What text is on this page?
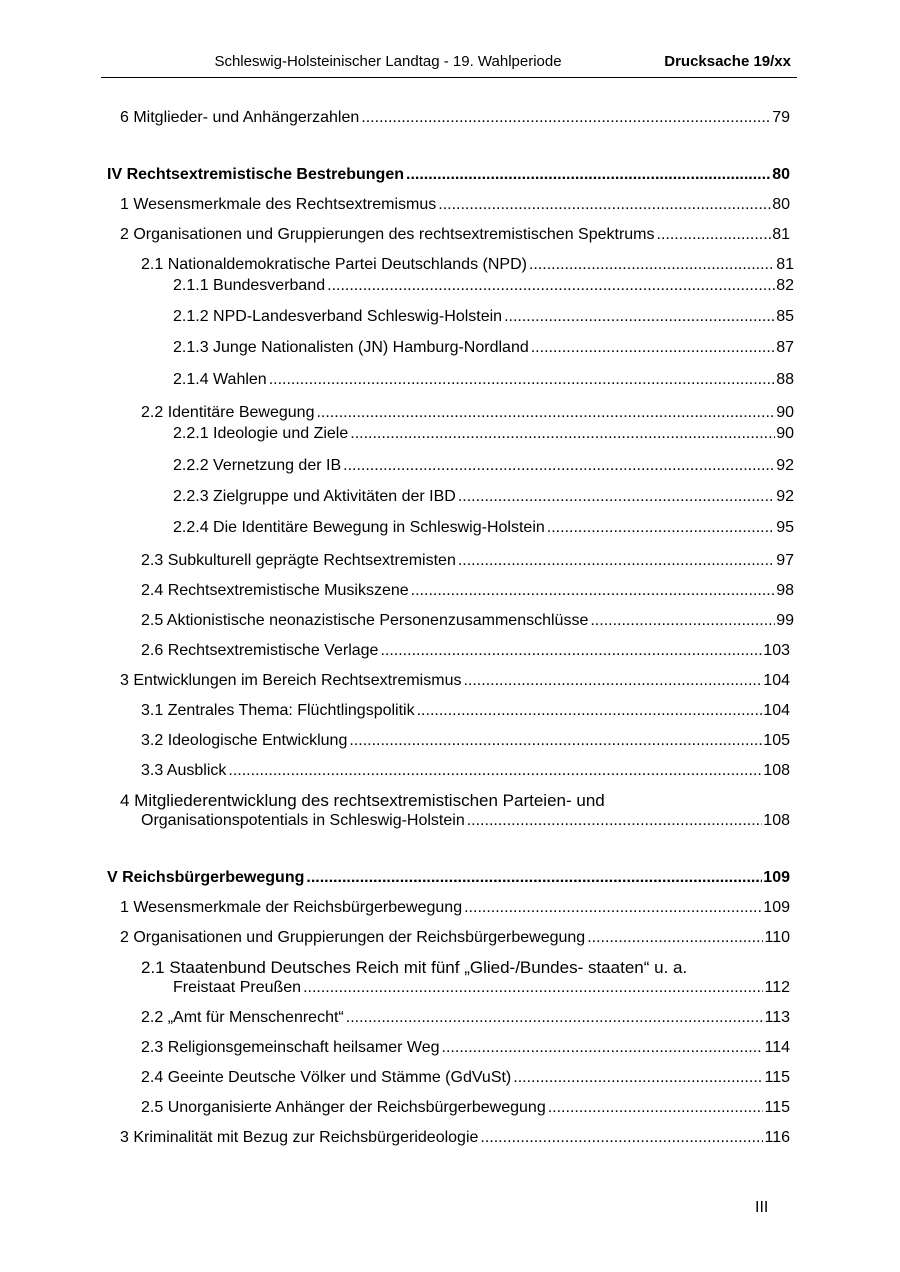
Schleswig-Holsteinischer Landtag - 19. Wahlperiode	Drucksache 19/xx
6 Mitglieder- und Anhängerzahlen .....	79
IV Rechtsextremistische Bestrebungen .....	80
1 Wesensmerkmale des Rechtsextremismus .....	80
2 Organisationen und Gruppierungen des rechtsextremistischen Spektrums .....	81
2.1 Nationaldemokratische Partei Deutschlands (NPD) .....	81
2.1.1 Bundesverband .....	82
2.1.2 NPD-Landesverband Schleswig-Holstein .....	85
2.1.3 Junge Nationalisten (JN) Hamburg-Nordland .....	87
2.1.4 Wahlen .....	88
2.2 Identitäre Bewegung .....	90
2.2.1 Ideologie und Ziele .....	90
2.2.2 Vernetzung der IB .....	92
2.2.3 Zielgruppe und Aktivitäten der IBD .....	92
2.2.4 Die Identitäre Bewegung in Schleswig-Holstein .....	95
2.3 Subkulturell geprägte Rechtsextremisten .....	97
2.4 Rechtsextremistische Musikszene .....	98
2.5 Aktionistische neonazistische Personenzusammenschlüsse .....	99
2.6 Rechtsextremistische Verlage .....	103
3 Entwicklungen im Bereich Rechtsextremismus .....	104
3.1 Zentrales Thema: Flüchtlingspolitik .....	104
3.2 Ideologische Entwicklung .....	105
3.3 Ausblick .....	108
4 Mitgliederentwicklung des rechtsextremistischen Parteien- und
Organisationspotentials in Schleswig-Holstein .....	108
V Reichsbürgerbewegung .....	109
1 Wesensmerkmale der Reichsbürgerbewegung .....	109
2 Organisationen und Gruppierungen der Reichsbürgerbewegung .....	110
2.1 Staatenbund Deutsches Reich mit fünf „Glied-/Bundes- staaten“ u. a.
Freistaat Preußen .....	112
2.2 „Amt für Menschenrecht“ .....	113
2.3 Religionsgemeinschaft heilsamer Weg .....	114
2.4 Geeinte Deutsche Völker und Stämme (GdVuSt) .....	115
2.5 Unorganisierte Anhänger der Reichsbürgerbewegung .....	115
3 Kriminalität mit Bezug zur Reichsbürgerideologie .....	116
III
